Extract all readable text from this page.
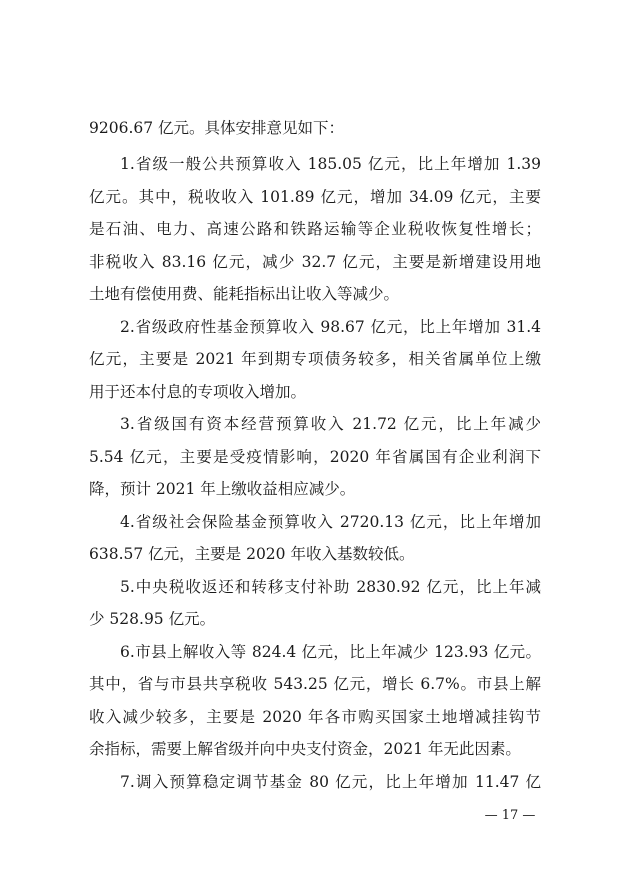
9206.67 亿元。具体安排意见如下：
1.省级一般公共预算收入 185.05 亿元，比上年增加 1.39
亿元。其中，税收收入 101.89 亿元，增加 34.09 亿元，主要
是石油、电力、高速公路和铁路运输等企业税收恢复性增长；
非税收入 83.16 亿元，减少 32.7 亿元，主要是新增建设用地
土地有偿使用费、能耗指标出让收入等减少。
2.省级政府性基金预算收入 98.67 亿元，比上年增加 31.4
亿元，主要是 2021 年到期专项债务较多，相关省属单位上缴
用于还本付息的专项收入增加。
3.省级国有资本经营预算收入 21.72 亿元，比上年减少
5.54 亿元，主要是受疫情影响，2020 年省属国有企业利润下
降，预计 2021 年上缴收益相应减少。
4.省级社会保险基金预算收入 2720.13 亿元，比上年增加
638.57 亿元，主要是 2020 年收入基数较低。
5.中央税收返还和转移支付补助 2830.92 亿元，比上年减
少 528.95 亿元。
6.市县上解收入等 824.4 亿元，比上年减少 123.93 亿元。
其中，省与市县共享税收 543.25 亿元，增长 6.7%。市县上解
收入减少较多，主要是 2020 年各市购买国家土地增减挂钩节
余指标，需要上解省级并向中央支付资金，2021 年无此因素。
7.调入预算稳定调节基金 80 亿元，比上年增加 11.47 亿
— 17 —
